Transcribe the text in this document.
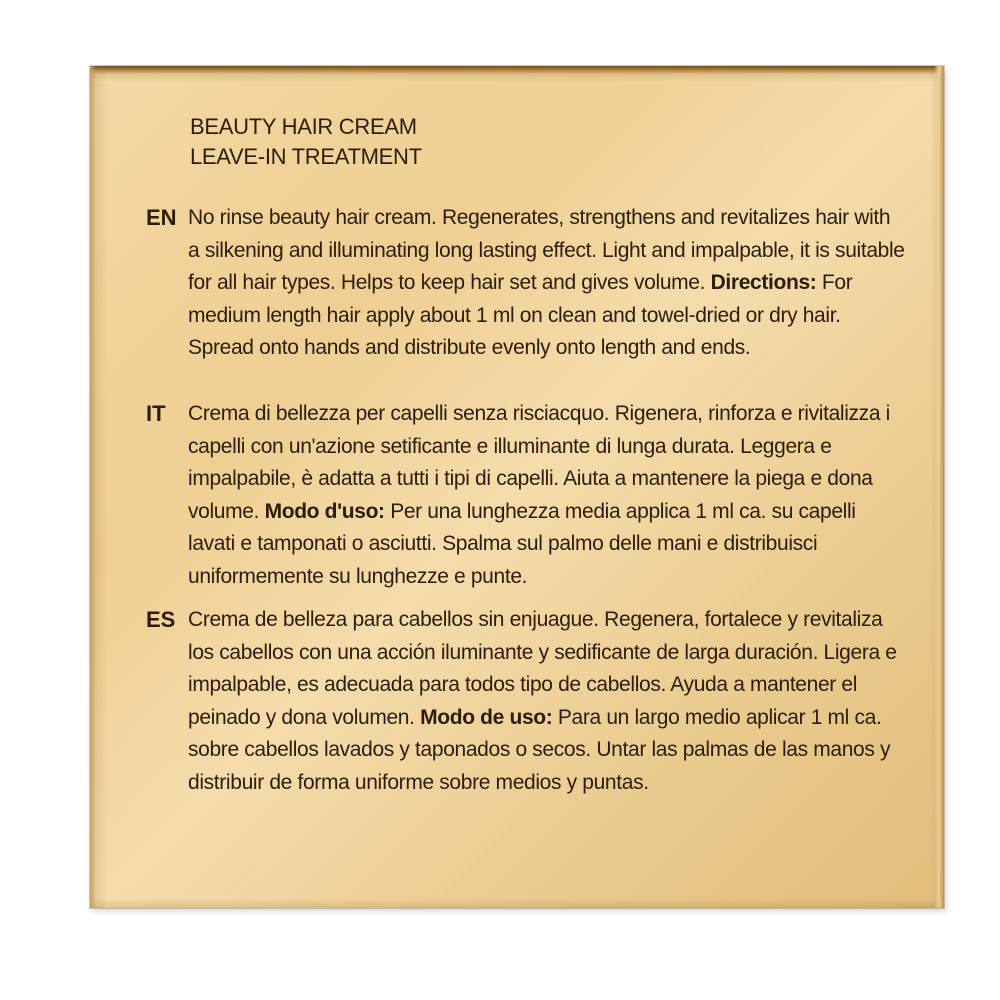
BEAUTY HAIR CREAM
LEAVE-IN TREATMENT
EN No rinse beauty hair cream. Regenerates, strengthens and revitalizes hair with a silkening and illuminating long lasting effect. Light and impalpable, it is suitable for all hair types. Helps to keep hair set and gives volume. Directions: For medium length hair apply about 1 ml on clean and towel-dried or dry hair. Spread onto hands and distribute evenly onto length and ends.
IT	Crema di bellezza per capelli senza risciacquo. Rigenera, rinforza e rivitalizza i capelli con un'azione setificante e illuminante di lunga durata. Leggera e impalpabile, è adatta a tutti i tipi di capelli. Aiuta a mantenere la piega e dona volume. Modo d'uso: Per una lunghezza media applica 1 ml ca. su capelli lavati e tamponati o asciutti. Spalma sul palmo delle mani e distribuisci uniformemente su lunghezze e punte.
ES Crema de belleza para cabellos sin enjuague. Regenera, fortalece y revitaliza los cabellos con una acción iluminante y sedificante de larga duración. Ligera e impalpable, es adecuada para todos tipo de cabellos. Ayuda a mantener el peinado y dona volumen. Modo de uso: Para un largo medio aplicar 1 ml ca. sobre cabellos lavados y taponados o secos. Untar las palmas de las manos y distribuir de forma uniforme sobre medios y puntas.
